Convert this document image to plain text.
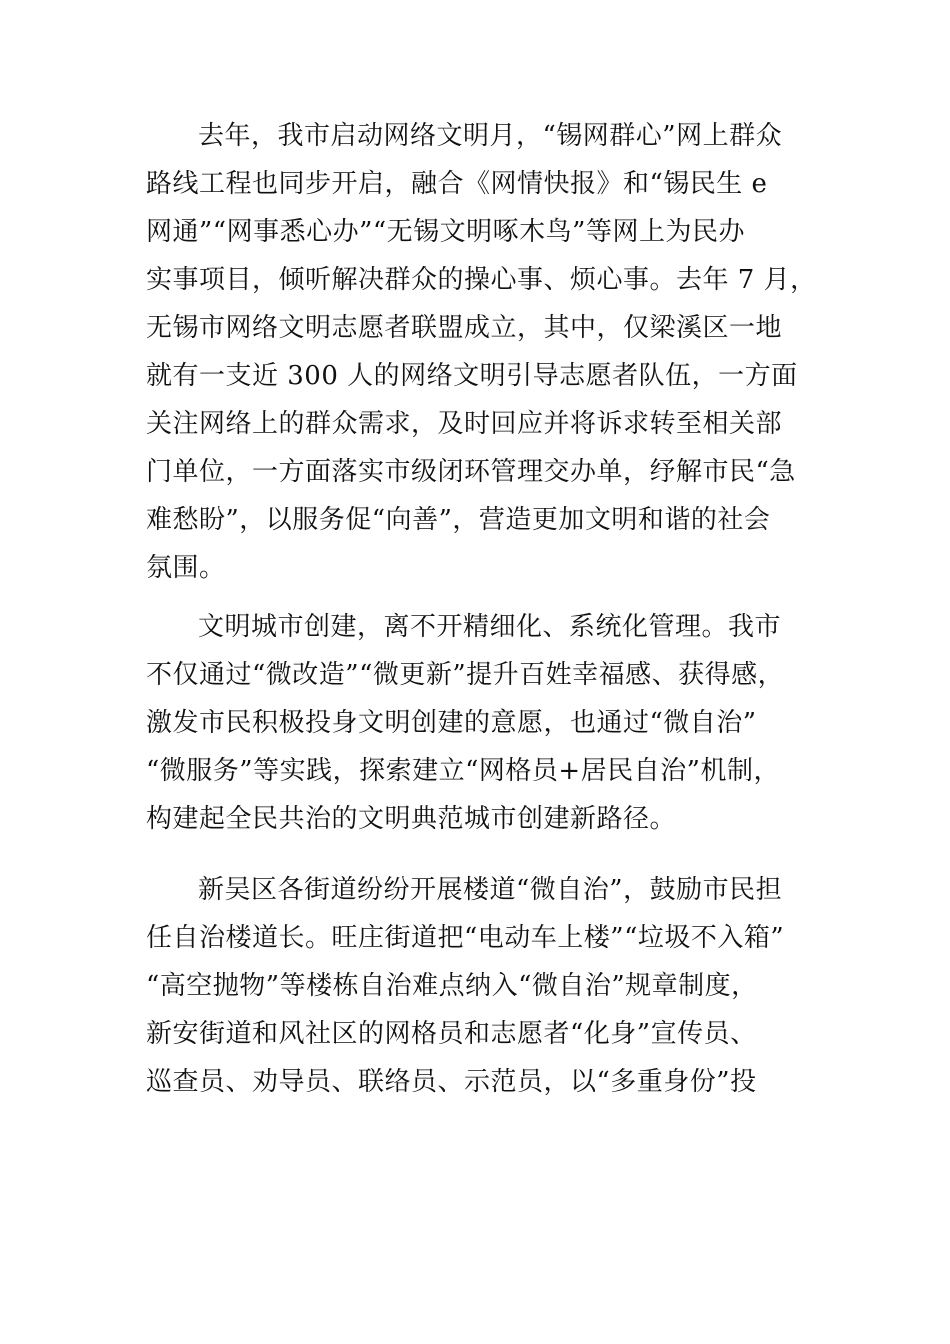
去年，我市启动网络文明月，“锡网群心”网上群众
路线工程也同步开启，融合《网情快报》和“锡民生 e
网通”“网事悉心办”“无锡文明啄木鸟”等网上为民办
实事项目，倾听解决群众的操心事、烦心事。去年 7 月，
无锡市网络文明志愿者联盟成立，其中，仅梁溪区一地
就有一支近 300 人的网络文明引导志愿者队伍，一方面
关注网络上的群众需求，及时回应并将诉求转至相关部
门单位，一方面落实市级闭环管理交办单，纾解市民“急
难愁盼”，以服务促“向善”，营造更加文明和谐的社会
氛围。
文明城市创建，离不开精细化、系统化管理。我市
不仅通过“微改造”“微更新”提升百姓幸福感、获得感，
激发市民积极投身文明创建的意愿，也通过“微自治”
“微服务”等实践，探索建立“网格员+居民自治”机制，
构建起全民共治的文明典范城市创建新路径。
新吴区各街道纷纷开展楼道“微自治”，鼓励市民担
任自治楼道长。旺庄街道把“电动车上楼”“垃圾不入箱”
“高空抛物”等楼栋自治难点纳入“微自治”规章制度，
新安街道和风社区的网格员和志愿者“化身”宣传员、
巡查员、劝导员、联络员、示范员，以“多重身份”投
